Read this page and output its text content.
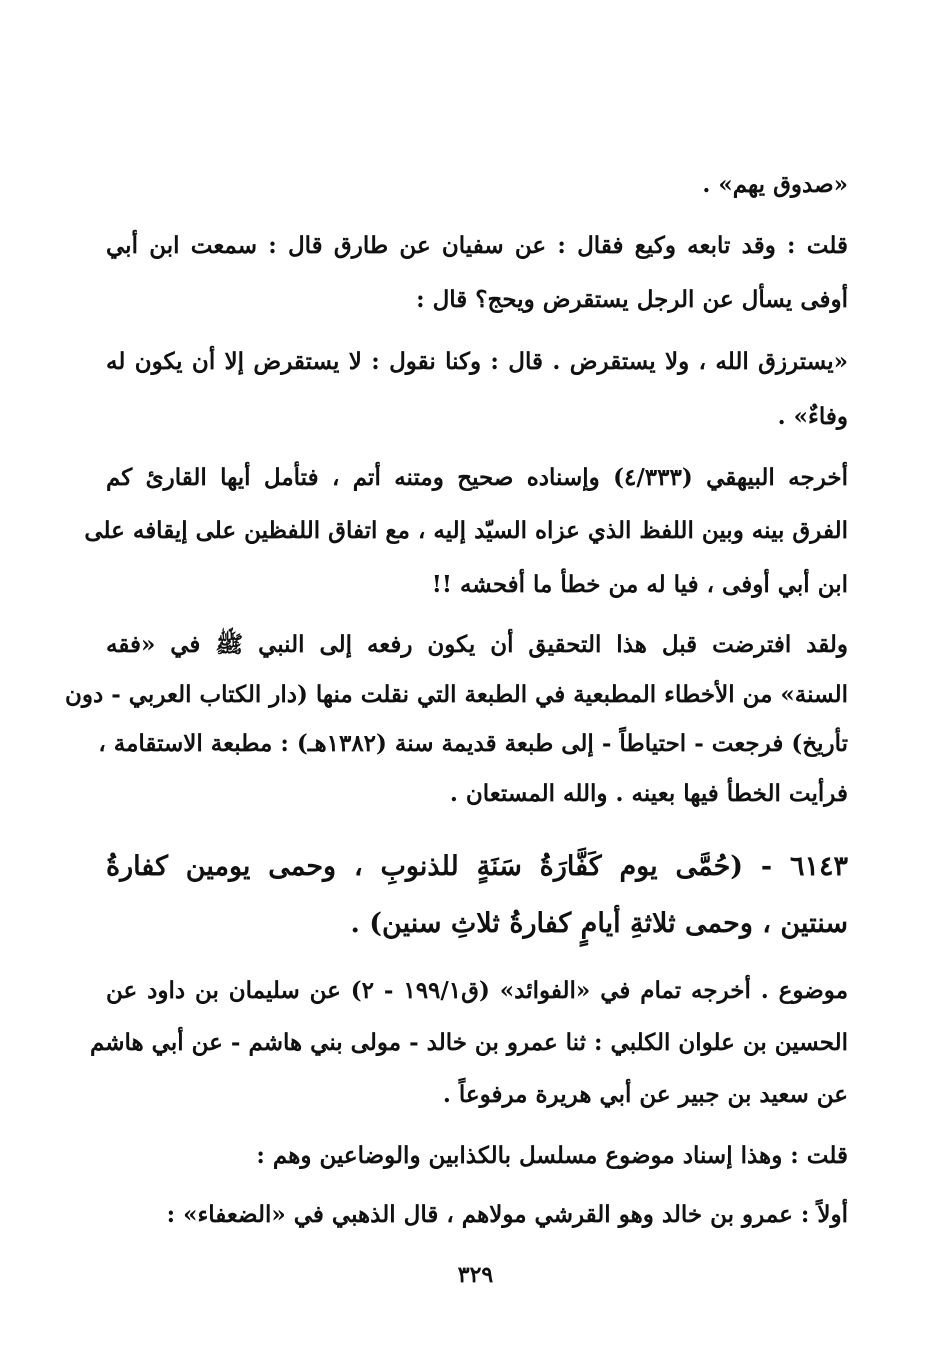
«صدوق يهم» .
قلت : وقد تابعه وكيع فقال : عن سفيان عن طارق قال : سمعت ابن أبي
أوفى يسأل عن الرجل يستقرض ويحج؟ قال :
«يسترزق الله ، ولا يستقرض . قال : وكنا نقول : لا يستقرض إلا أن يكون له
وفاءٌ» .
أخرجه البيهقي (٤/٣٣٣) وإسناده صحيح ومتنه أتم ، فتأمل أيها القارئ كم
الفرق بينه وبين اللفظ الذي عزاه السيّد إليه ، مع اتفاق اللفظين على إيقافه على
ابن أبي أوفى ، فيا له من خطأ ما أفحشه !!
ولقد افترضت قبل هذا التحقيق أن يكون رفعه إلى النبي ﷺ في «فقه
السنة» من الأخطاء المطبعية في الطبعة التي نقلت منها (دار الكتاب العربي - دون
تأريخ) فرجعت - احتياطاً - إلى طبعة قديمة سنة (١٣٨٢هـ) : مطبعة الاستقامة ،
فرأيت الخطأ فيها بعينه . والله المستعان .
٦١٤٣ - (حُمَّى يوم كَفَّارَةُ سَنَةٍ للذنوبِ ، وحمى يومين كفارةُ
سنتين ، وحمى ثلاثةِ أيامٍ كفارةُ ثلاثِ سنين) .
موضوع . أخرجه تمام في «الفوائد» (ق١٩٩/١ - ٢) عن سليمان بن داود عن
الحسين بن علوان الكلبي : ثنا عمرو بن خالد - مولى بني هاشم - عن أبي هاشم
عن سعيد بن جبير عن أبي هريرة مرفوعاً .
قلت : وهذا إسناد موضوع مسلسل بالكذابين والوضاعين وهم :
أولاً : عمرو بن خالد وهو القرشي مولاهم ، قال الذهبي في «الضعفاء» :
٣٢٩
